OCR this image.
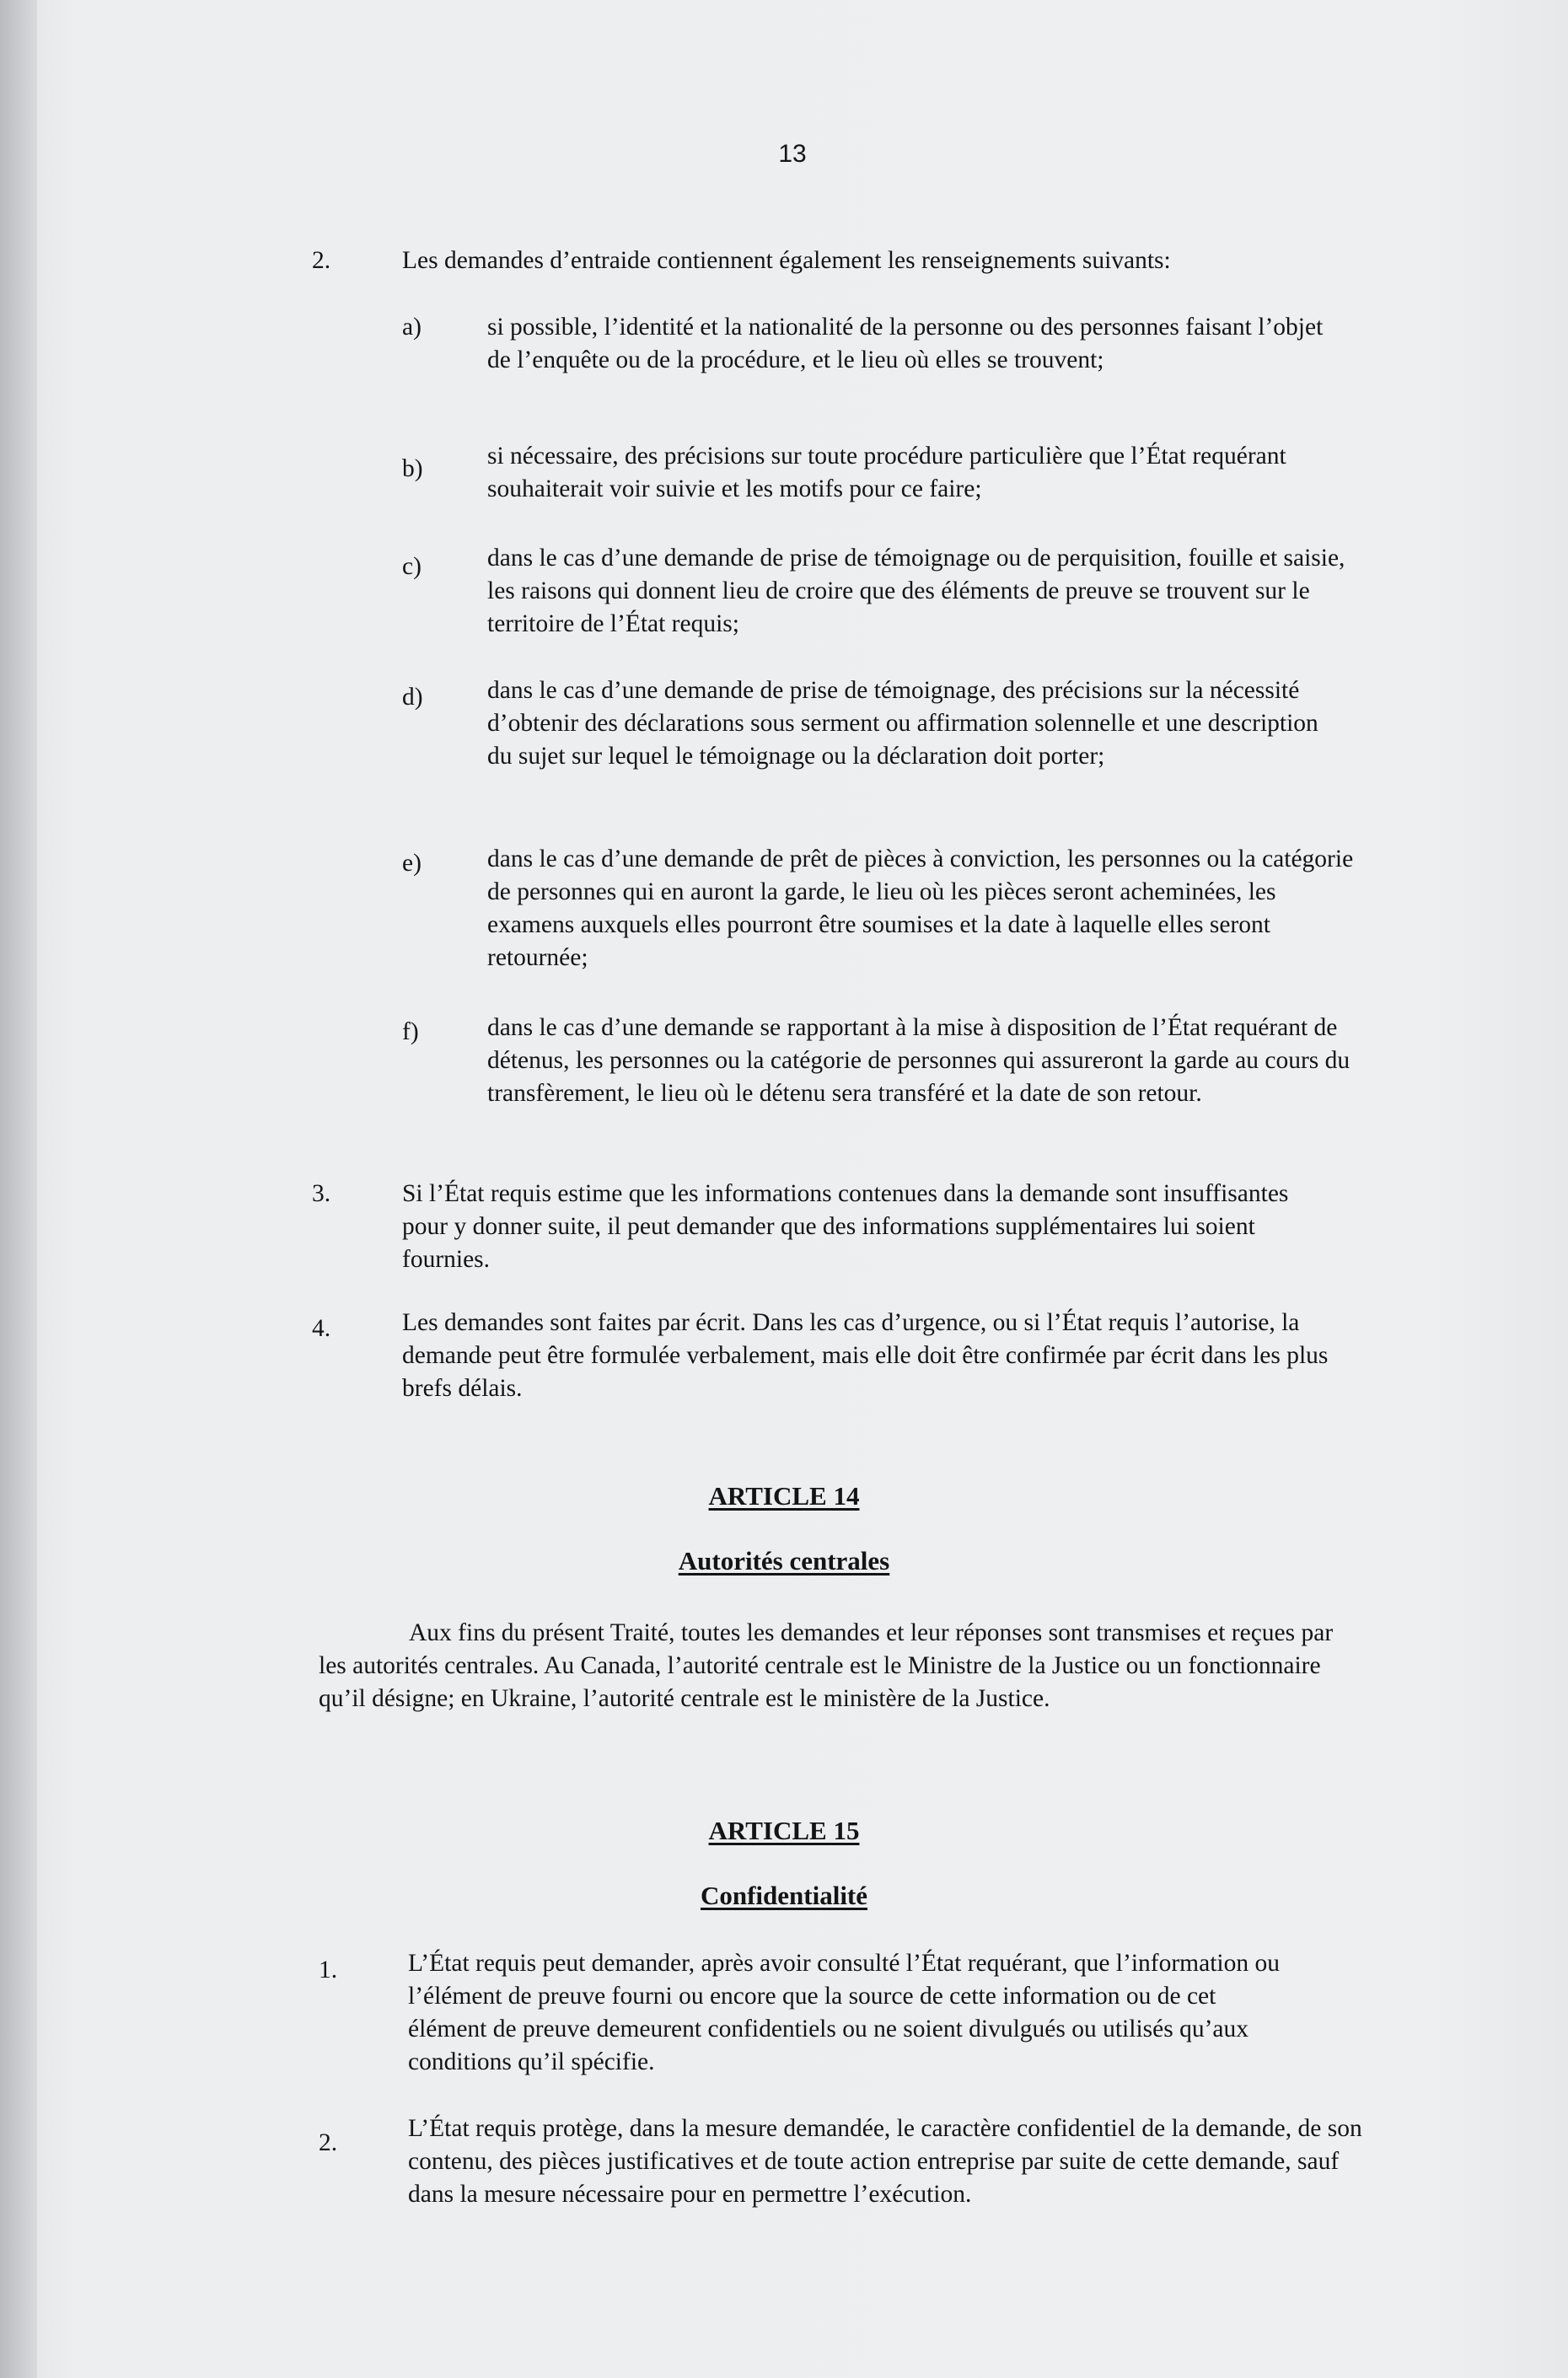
13
2.	Les demandes d’entraide contiennent également les renseignements suivants:
a)	si possible, l’identité et la nationalité de la personne ou des personnes faisant l’objet de l’enquête ou de la procédure, et le lieu où elles se trouvent;
b)	si nécessaire, des précisions sur toute procédure particulière que l’État requérant souhaiterait voir suivie et les motifs pour ce faire;
c)	dans le cas d’une demande de prise de témoignage ou de perquisition, fouille et saisie, les raisons qui donnent lieu de croire que des éléments de preuve se trouvent sur le territoire de l’État requis;
d)	dans le cas d’une demande de prise de témoignage, des précisions sur la nécessité d’obtenir des déclarations sous serment ou affirmation solennelle et une description du sujet sur lequel le témoignage ou la déclaration doit porter;
e)	dans le cas d’une demande de prêt de pièces à conviction, les personnes ou la catégorie de personnes qui en auront la garde, le lieu où les pièces seront acheminées, les examens auxquels elles pourront être soumises et la date à laquelle elles seront retournée;
f)	dans le cas d’une demande se rapportant à la mise à disposition de l’État requérant de détenus, les personnes ou la catégorie de personnes qui assureront la garde au cours du transfèrement, le lieu où le détenu sera transféré et la date de son retour.
3.	Si l’État requis estime que les informations contenues dans la demande sont insuffisantes pour y donner suite, il peut demander que des informations supplémentaires lui soient fournies.
4.	Les demandes sont faites par écrit. Dans les cas d’urgence, ou si l’État requis l’autorise, la demande peut être formulée verbalement, mais elle doit être confirmée par écrit dans les plus brefs délais.
ARTICLE 14
Autorités centrales
Aux fins du présent Traité, toutes les demandes et leur réponses sont transmises et reçues par les autorités centrales. Au Canada, l’autorité centrale est le Ministre de la Justice ou un fonctionnaire qu’il désigne; en Ukraine, l’autorité centrale est le ministère de la Justice.
ARTICLE 15
Confidentialité
1.	L’État requis peut demander, après avoir consulté l’État requérant, que l’information ou l’élément de preuve fourni ou encore que la source de cette information ou de cet élément de preuve demeurent confidentiels ou ne soient divulgués ou utilisés qu’aux conditions qu’il spécifie.
2.
L’État requis protège, dans la mesure demandée, le caractère confidentiel de la demande, de son contenu, des pièces justificatives et de toute action entreprise par suite de cette demande, sauf dans la mesure nécessaire pour en permettre l’exécution.
